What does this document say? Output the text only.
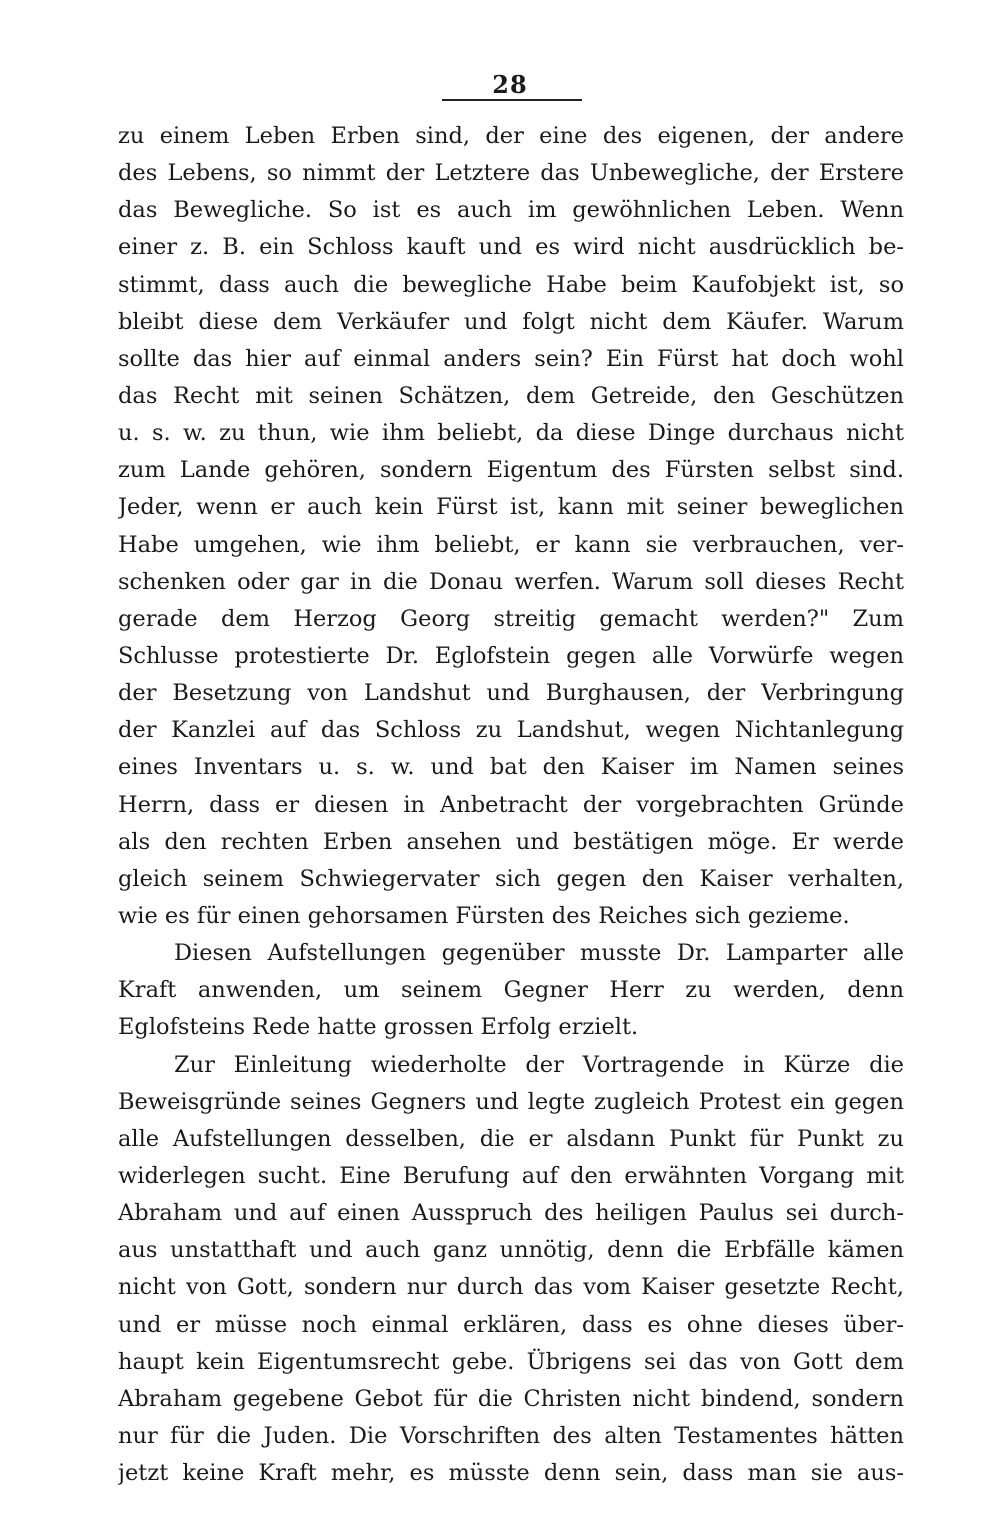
28
zu einem Leben Erben sind, der eine des eigenen, der andere
des Lebens, so nimmt der Letztere das Unbewegliche, der Erstere
das Bewegliche. So ist es auch im gewöhnlichen Leben. Wenn
einer z. B. ein Schloss kauft und es wird nicht ausdrücklich be-
stimmt, dass auch die bewegliche Habe beim Kaufobjekt ist, so
bleibt diese dem Verkäufer und folgt nicht dem Käufer. Warum
sollte das hier auf einmal anders sein? Ein Fürst hat doch wohl
das Recht mit seinen Schätzen, dem Getreide, den Geschützen
u. s. w. zu thun, wie ihm beliebt, da diese Dinge durchaus nicht
zum Lande gehören, sondern Eigentum des Fürsten selbst sind.
Jeder, wenn er auch kein Fürst ist, kann mit seiner beweglichen
Habe umgehen, wie ihm beliebt, er kann sie verbrauchen, ver-
schenken oder gar in die Donau werfen. Warum soll dieses Recht
gerade dem Herzog Georg streitig gemacht werden?" Zum
Schlusse protestierte Dr. Eglofstein gegen alle Vorwürfe wegen
der Besetzung von Landshut und Burghausen, der Verbringung
der Kanzlei auf das Schloss zu Landshut, wegen Nichtanlegung
eines Inventars u. s. w. und bat den Kaiser im Namen seines
Herrn, dass er diesen in Anbetracht der vorgebrachten Gründe
als den rechten Erben ansehen und bestätigen möge. Er werde
gleich seinem Schwiegervater sich gegen den Kaiser verhalten,
wie es für einen gehorsamen Fürsten des Reiches sich gezieme.
Diesen Aufstellungen gegenüber musste Dr. Lamparter alle
Kraft anwenden, um seinem Gegner Herr zu werden, denn
Eglofsteins Rede hatte grossen Erfolg erzielt.
Zur Einleitung wiederholte der Vortragende in Kürze die
Beweisgründe seines Gegners und legte zugleich Protest ein gegen
alle Aufstellungen desselben, die er alsdann Punkt für Punkt zu
widerlegen sucht. Eine Berufung auf den erwähnten Vorgang mit
Abraham und auf einen Ausspruch des heiligen Paulus sei durch-
aus unstatthaft und auch ganz unnötig, denn die Erbfälle kämen
nicht von Gott, sondern nur durch das vom Kaiser gesetzte Recht,
und er müsse noch einmal erklären, dass es ohne dieses über-
haupt kein Eigentumsrecht gebe. Übrigens sei das von Gott dem
Abraham gegebene Gebot für die Christen nicht bindend, sondern
nur für die Juden. Die Vorschriften des alten Testamentes hätten
jetzt keine Kraft mehr, es müsste denn sein, dass man sie aus-
